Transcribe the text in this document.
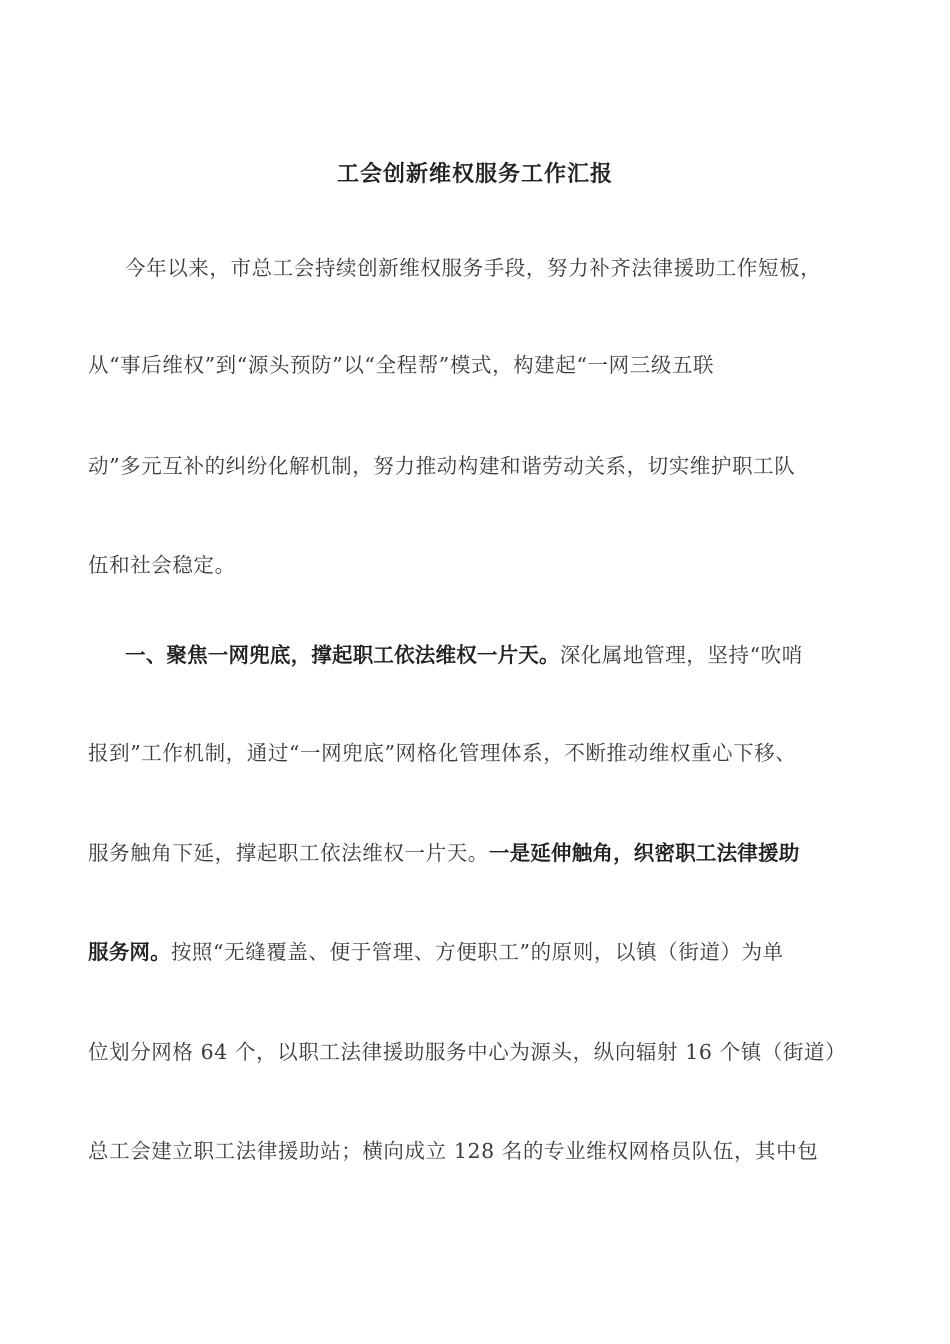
工会创新维权服务工作汇报
今年以来，市总工会持续创新维权服务手段，努力补齐法律援助工作短板，
从“事后维权”到“源头预防”以“全程帮”模式，构建起“一网三级五联
动”多元互补的纠纷化解机制，努力推动构建和谐劳动关系，切实维护职工队
伍和社会稳定。
一、聚焦一网兜底，撑起职工依法维权一片天。深化属地管理，坚持“吹哨
报到”工作机制，通过“一网兜底”网格化管理体系，不断推动维权重心下移、
服务触角下延，撑起职工依法维权一片天。一是延伸触角，织密职工法律援助
服务网。按照“无缝覆盖、便于管理、方便职工”的原则，以镇（街道）为单
位划分网格 64 个，以职工法律援助服务中心为源头，纵向辐射 16 个镇（街道）
总工会建立职工法律援助站；横向成立 128 名的专业维权网格员队伍，其中包
